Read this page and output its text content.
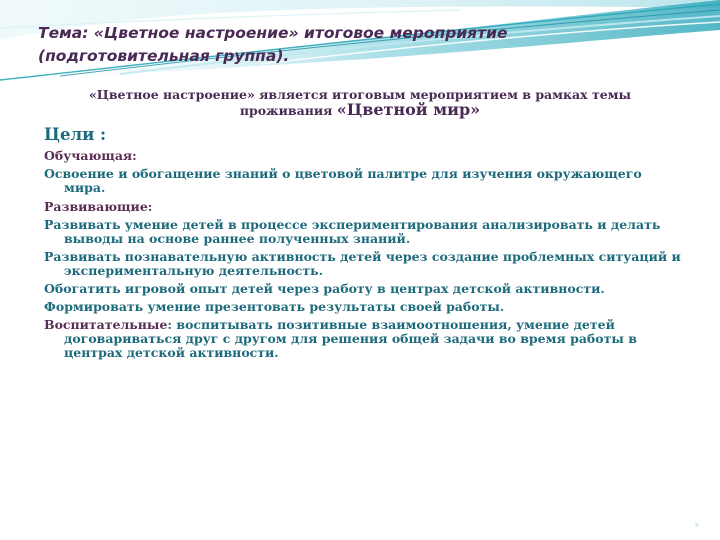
Тема: «Цветное настроение» итоговое мероприятие (подготовительная группа).
«Цветное настроение» является итоговым мероприятием в рамках темы проживания «Цветной мир»
Цели :
Обучающая:
Освоение и обогащение знаний о цветовой палитре для изучения окружающего мира.
Развивающие:
Развивать умение детей в процессе экспериментирования анализировать и делать выводы на основе раннее полученных знаний.
Развивать познавательную активность детей через создание проблемных ситуаций и экспериментальную деятельность.
Обогатить игровой опыт детей через работу в центрах детской активности.
Формировать умение презентовать результаты своей работы.
Воспитательные: воспитывать позитивные взаимоотношения, умение детей договариваться друг с другом для решения общей задачи во время работы в центрах детской активности.
